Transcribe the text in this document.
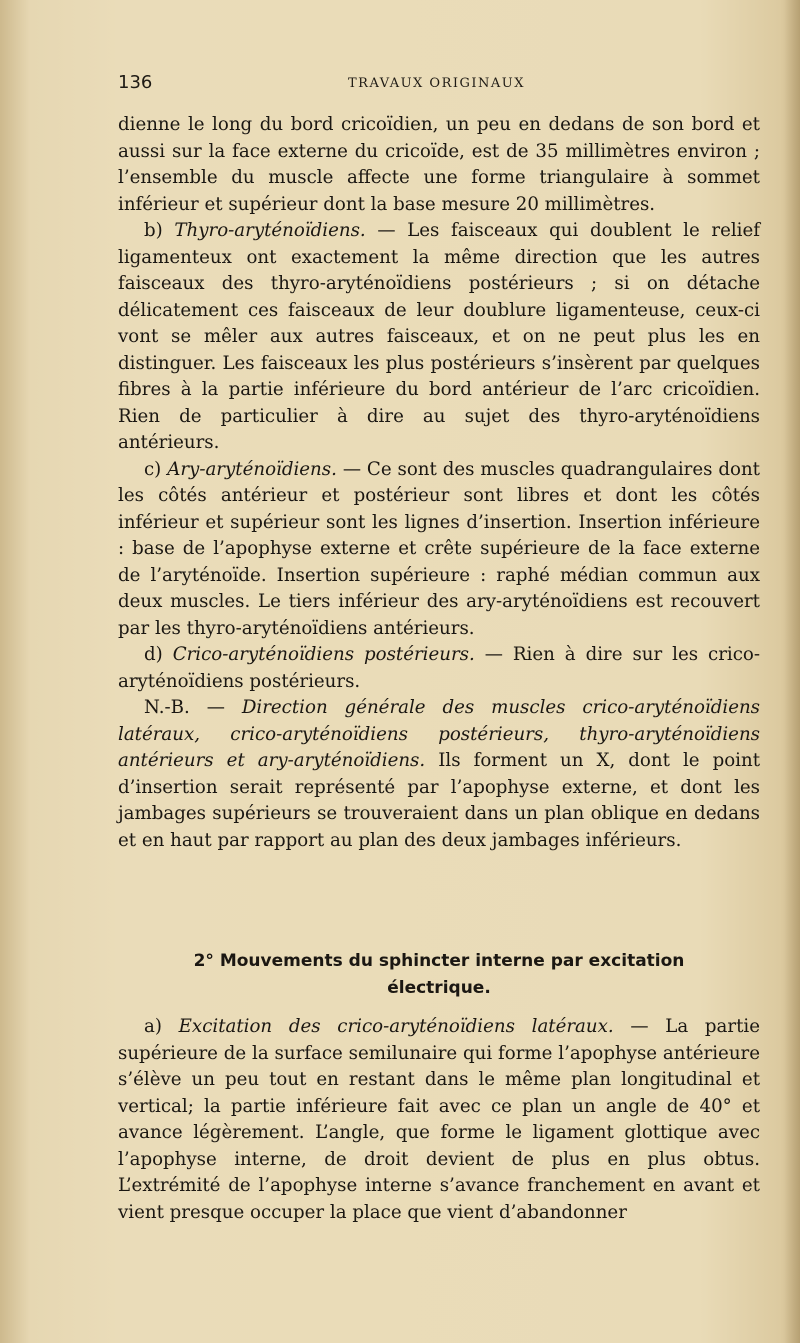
136	TRAVAUX ORIGINAUX

dienne le long du bord cricoïdien, un peu en dedans de son bord et aussi sur la face externe du cricoïde, est de 35 millimètres environ ; l’ensemble du muscle affecte une forme triangulaire à sommet inférieur et supérieur dont la base mesure 20 millimètres.

b) Thyro-aryténoïdiens. — Les faisceaux qui doublent le relief ligamenteux ont exactement la même direction que les autres faisceaux des thyro-aryténoïdiens postérieurs ; si on détache délicatement ces faisceaux de leur doublure ligamenteuse, ceux-ci vont se mêler aux autres faisceaux, et on ne peut plus les en distinguer. Les faisceaux les plus postérieurs s’insèrent par quelques fibres à la partie inférieure du bord antérieur de l’arc cricoïdien. Rien de particulier à dire au sujet des thyro-aryténoïdiens antérieurs.

c) Ary-aryténoïdiens. — Ce sont des muscles quadrangulaires dont les côtés antérieur et postérieur sont libres et dont les côtés inférieur et supérieur sont les lignes d’insertion. Insertion inférieure : base de l’apophyse externe et crête supérieure de la face externe de l’aryténoïde. Insertion supérieure : raphé médian commun aux deux muscles. Le tiers inférieur des ary-aryténoïdiens est recouvert par les thyro-aryténoïdiens antérieurs.

d) Crico-aryténoïdiens postérieurs. — Rien à dire sur les crico-aryténoïdiens postérieurs.

N.-B. — Direction générale des muscles crico-aryténoïdiens latéraux, crico-aryténoïdiens postérieurs, thyro-aryténoïdiens antérieurs et ary-aryténoïdiens. Ils forment un X, dont le point d’insertion serait représenté par l’apophyse externe, et dont les jambages supérieurs se trouveraient dans un plan oblique en dedans et en haut par rapport au plan des deux jambages inférieurs.

2° Mouvements du sphincter interne par excitation
électrique.

a) Excitation des crico-aryténoïdiens latéraux. — La partie supérieure de la surface semilunaire qui forme l’apophyse antérieure s’élève un peu tout en restant dans le même plan longitudinal et vertical; la partie inférieure fait avec ce plan un angle de 40° et avance légèrement. L’angle, que forme le ligament glottique avec l’apophyse interne, de droit devient de plus en plus obtus. L’extrémité de l’apophyse interne s’avance franchement en avant et vient presque occuper la place que vient d’abandonner
